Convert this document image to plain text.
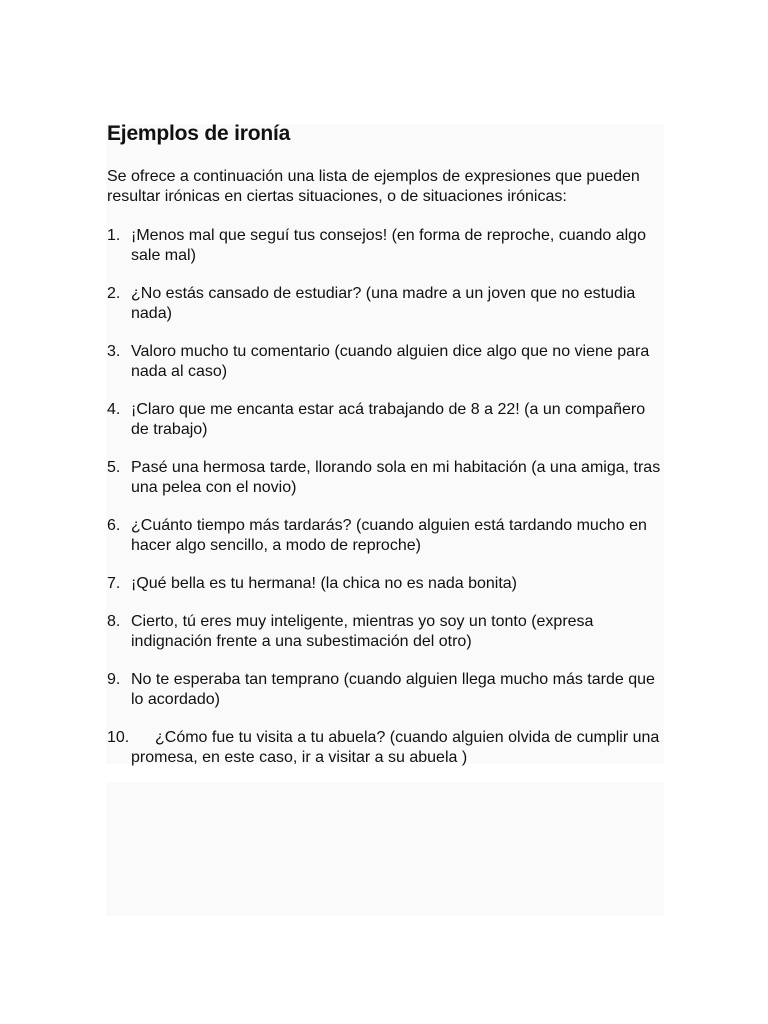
Ejemplos de ironía

Se ofrece a continuación una lista de ejemplos de expresiones que pueden resultar irónicas en ciertas situaciones, o de situaciones irónicas:

1. ¡Menos mal que seguí tus consejos! (en forma de reproche, cuando algo sale mal)
2. ¿No estás cansado de estudiar? (una madre a un joven que no estudia nada)
3. Valoro mucho tu comentario (cuando alguien dice algo que no viene para nada al caso)
4. ¡Claro que me encanta estar acá trabajando de 8 a 22! (a un compañero de trabajo)
5. Pasé una hermosa tarde, llorando sola en mi habitación (a una amiga, tras una pelea con el novio)
6. ¿Cuánto tiempo más tardarás? (cuando alguien está tardando mucho en hacer algo sencillo, a modo de reproche)
7. ¡Qué bella es tu hermana! (la chica no es nada bonita)
8. Cierto, tú eres muy inteligente, mientras yo soy un tonto (expresa indignación frente a una subestimación del otro)
9. No te esperaba tan temprano (cuando alguien llega mucho más tarde que lo acordado)
10.	¿Cómo fue tu visita a tu abuela? (cuando alguien olvida de cumplir una promesa, en este caso, ir a visitar a su abuela )
